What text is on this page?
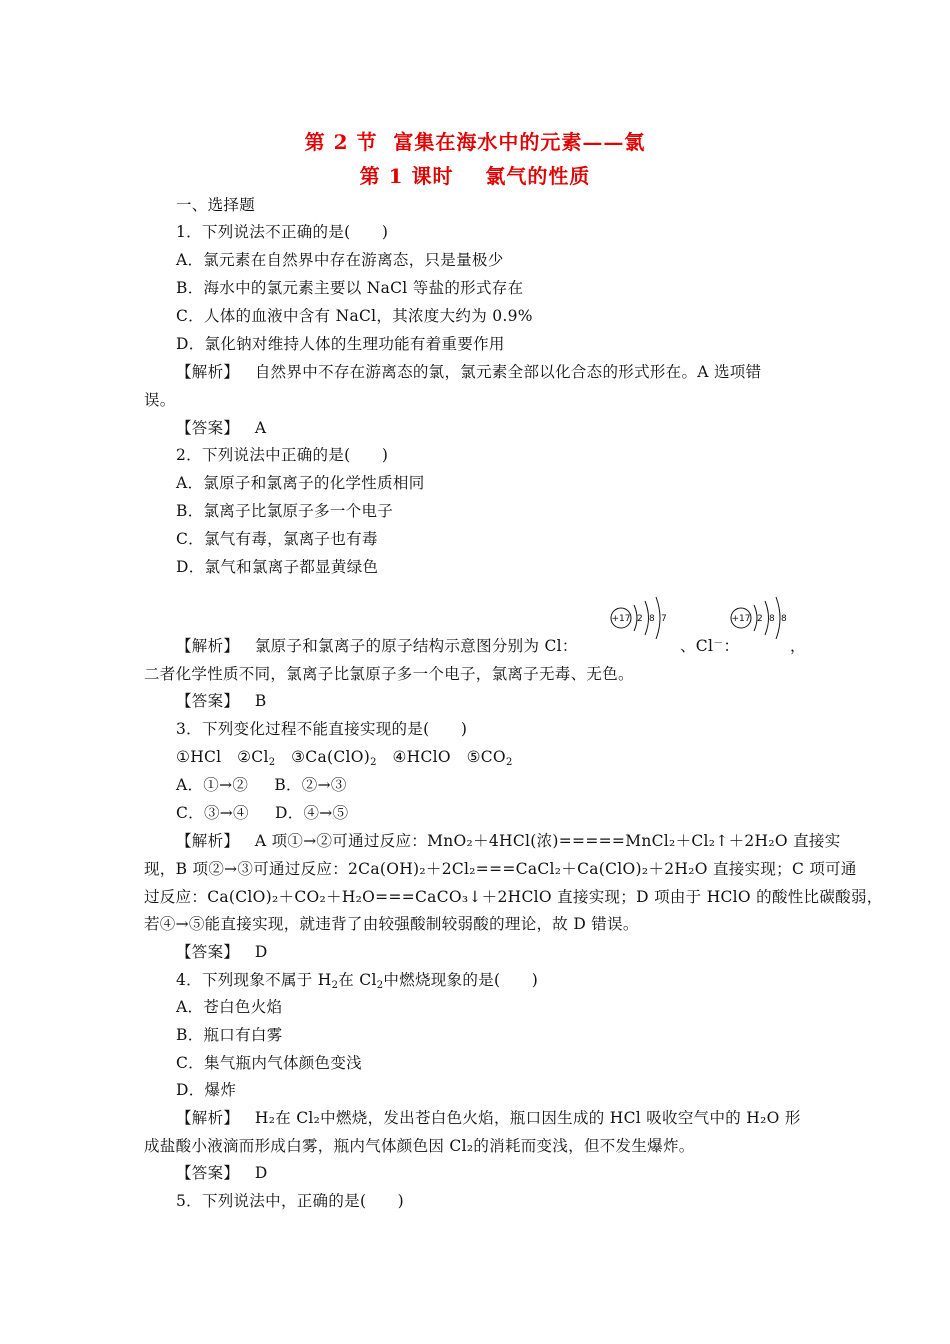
第 2 节  富集在海水中的元素——氯
第 1 课时    氯气的性质
一、选择题
1．下列说法不正确的是(      )
A．氯元素在自然界中存在游离态，只是量极少
B．海水中的氯元素主要以 NaCl 等盐的形式存在
C．人体的血液中含有 NaCl，其浓度大约为 0.9%
D．氯化钠对维持人体的生理功能有着重要作用
【解析】   自然界中不存在游离态的氯，氯元素全部以化合态的形式形在。A 选项错
误。
【答案】   A
2．下列说法中正确的是(      )
A．氯原子和氯离子的化学性质相同
B．氯离子比氯原子多一个电子
C．氯气有毒，氯离子也有毒
D．氯气和氯离子都显黄绿色
【解析】   氯原子和氯离子的原子结构示意图分别为 Cl：
+17 2 8 7
、Cl－：
+17 2 8 8
，
二者化学性质不同，氯离子比氯原子多一个电子，氯离子无毒、无色。
【答案】   B
3．下列变化过程不能直接实现的是(      )
①HCl   $②Cl_2$   $③Ca(ClO)_2$   ④HClO   $⑤CO_2$
A．①→②     B．②→③
C．③→④     D．④→⑤
【解析】   A 项①→②可通过反应：MnO₂＋4HCl(浓)=====MnCl₂＋Cl₂↑＋2H₂O 直接实
现，B 项②→③可通过反应：2Ca(OH)₂＋2Cl₂===CaCl₂＋Ca(ClO)₂＋2H₂O 直接实现；C 项可通
过反应：Ca(ClO)₂＋CO₂＋H₂O===CaCO₃↓＋2HClO 直接实现；D 项由于 HClO 的酸性比碳酸弱，
若④→⑤能直接实现，就违背了由较强酸制较弱酸的理论，故 D 错误。
【答案】   D
4．下列现象不属于 $H_2$在 $Cl_2$中燃烧现象的是(      )
A．苍白色火焰
B．瓶口有白雾
C．集气瓶内气体颜色变浅
D．爆炸
【解析】   H₂在 Cl₂中燃烧，发出苍白色火焰，瓶口因生成的 HCl 吸收空气中的 H₂O 形
成盐酸小液滴而形成白雾，瓶内气体颜色因 Cl₂的消耗而变浅，但不发生爆炸。
【答案】   D
5．下列说法中，正确的是(      )
